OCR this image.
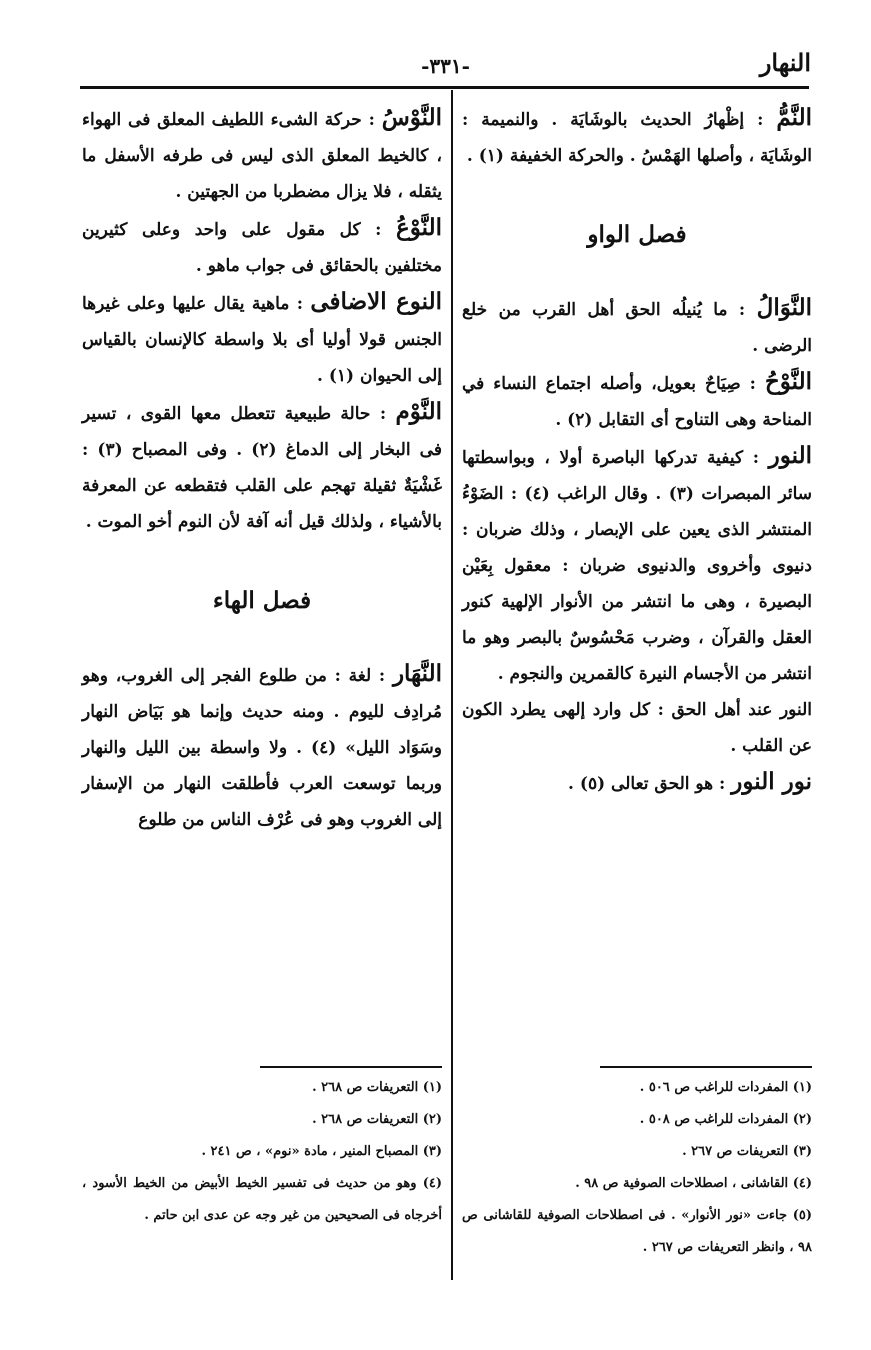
النهار
-٣٣١-

النَّمُّ : إظْهارُ الحديث بالوشَايَة . والنميمة : الوشَايَة ، وأصلها الهَمْسُ . والحركة الخفيفة (١) .

فصل الواو

النَّوَالُ : ما يُنيلُه الحق أهل القرب من خلع الرضى .

النَّوْحُ : صِيَاحٌ بعويل، وأصله اجتماع النساء في المناحة وهى التناوح أى التقابل (٢) .

النور : كيفية تدركها الباصرة أولا ، وبواسطتها سائر المبصرات (٣) . وقال الراغب (٤) : الضَوْءُ المنتشر الذى يعين على الإبصار ، وذلك ضربان : دنيوى وأخروى والدنيوى ضربان : معقول بِعَيْن البصيرة ، وهى ما انتشر من الأنوار الإلهية كنور العقل والقرآن ، وضرب مَحْسُوسٌ بالبصر وهو ما انتشر من الأجسام النيرة كالقمرين والنجوم .

النور عند أهل الحق : كل وارد إلهى يطرد الكون عن القلب .

نور النور : هو الحق تعالى (٥) .

النَّوْسُ : حركة الشىء اللطيف المعلق فى الهواء ، كالخيط المعلق الذى ليس فى طرفه الأسفل ما يثقله ، فلا يزال مضطربا من الجهتين .

النَّوْعُ : كل مقول على واحد وعلى كثيرين مختلفين بالحقائق فى جواب ماهو .

النوع الاضافى : ماهية يقال عليها وعلى غيرها الجنس قولا أوليا أى بلا واسطة كالإنسان بالقياس إلى الحيوان (١) .

النَّوْم : حالة طبيعية تتعطل معها القوى ، تسير فى البخار إلى الدماغ (٢) . وفى المصباح (٣) : غَشْيَةٌ ثقيلة تهجم على القلب فتقطعه عن المعرفة بالأشياء ، ولذلك قيل أنه آفة لأن النوم أخو الموت .

فصل الهاء

النَّهَار : لغة : من طلوع الفجر إلى الغروب، وهو مُرادِف لليوم . ومنه حديث وإنما هو بَيَاض النهار وسَوَاد الليل» (٤) . ولا واسطة بين الليل والنهار وربما توسعت العرب فأطلقت النهار من الإسفار إلى الغروب وهو فى عُرْف الناس من طلوع

(١) المفردات للراغب ص ٥٠٦ .

(٢) المفردات للراغب ص ٥٠٨ .

(٣) التعريفات ص ٢٦٧ .

(٤) القاشانى ، اصطلاحات الصوفية ص ٩٨ .

(٥) جاءت «نور الأنوار» . فى اصطلاحات الصوفية للقاشانى ص ٩٨ ، وانظر التعريفات ص ٢٦٧ .

(١) التعريفات ص ٢٦٨ .

(٢) التعريفات ص ٢٦٨ .

(٣) المصباح المنير ، مادة «نوم» ، ص ٢٤١ .

(٤) وهو من حديث فى تفسير الخيط الأبيض من الخيط الأسود ، أخرجاه فى الصحيحين من غير وجه عن عدى ابن حاتم .
